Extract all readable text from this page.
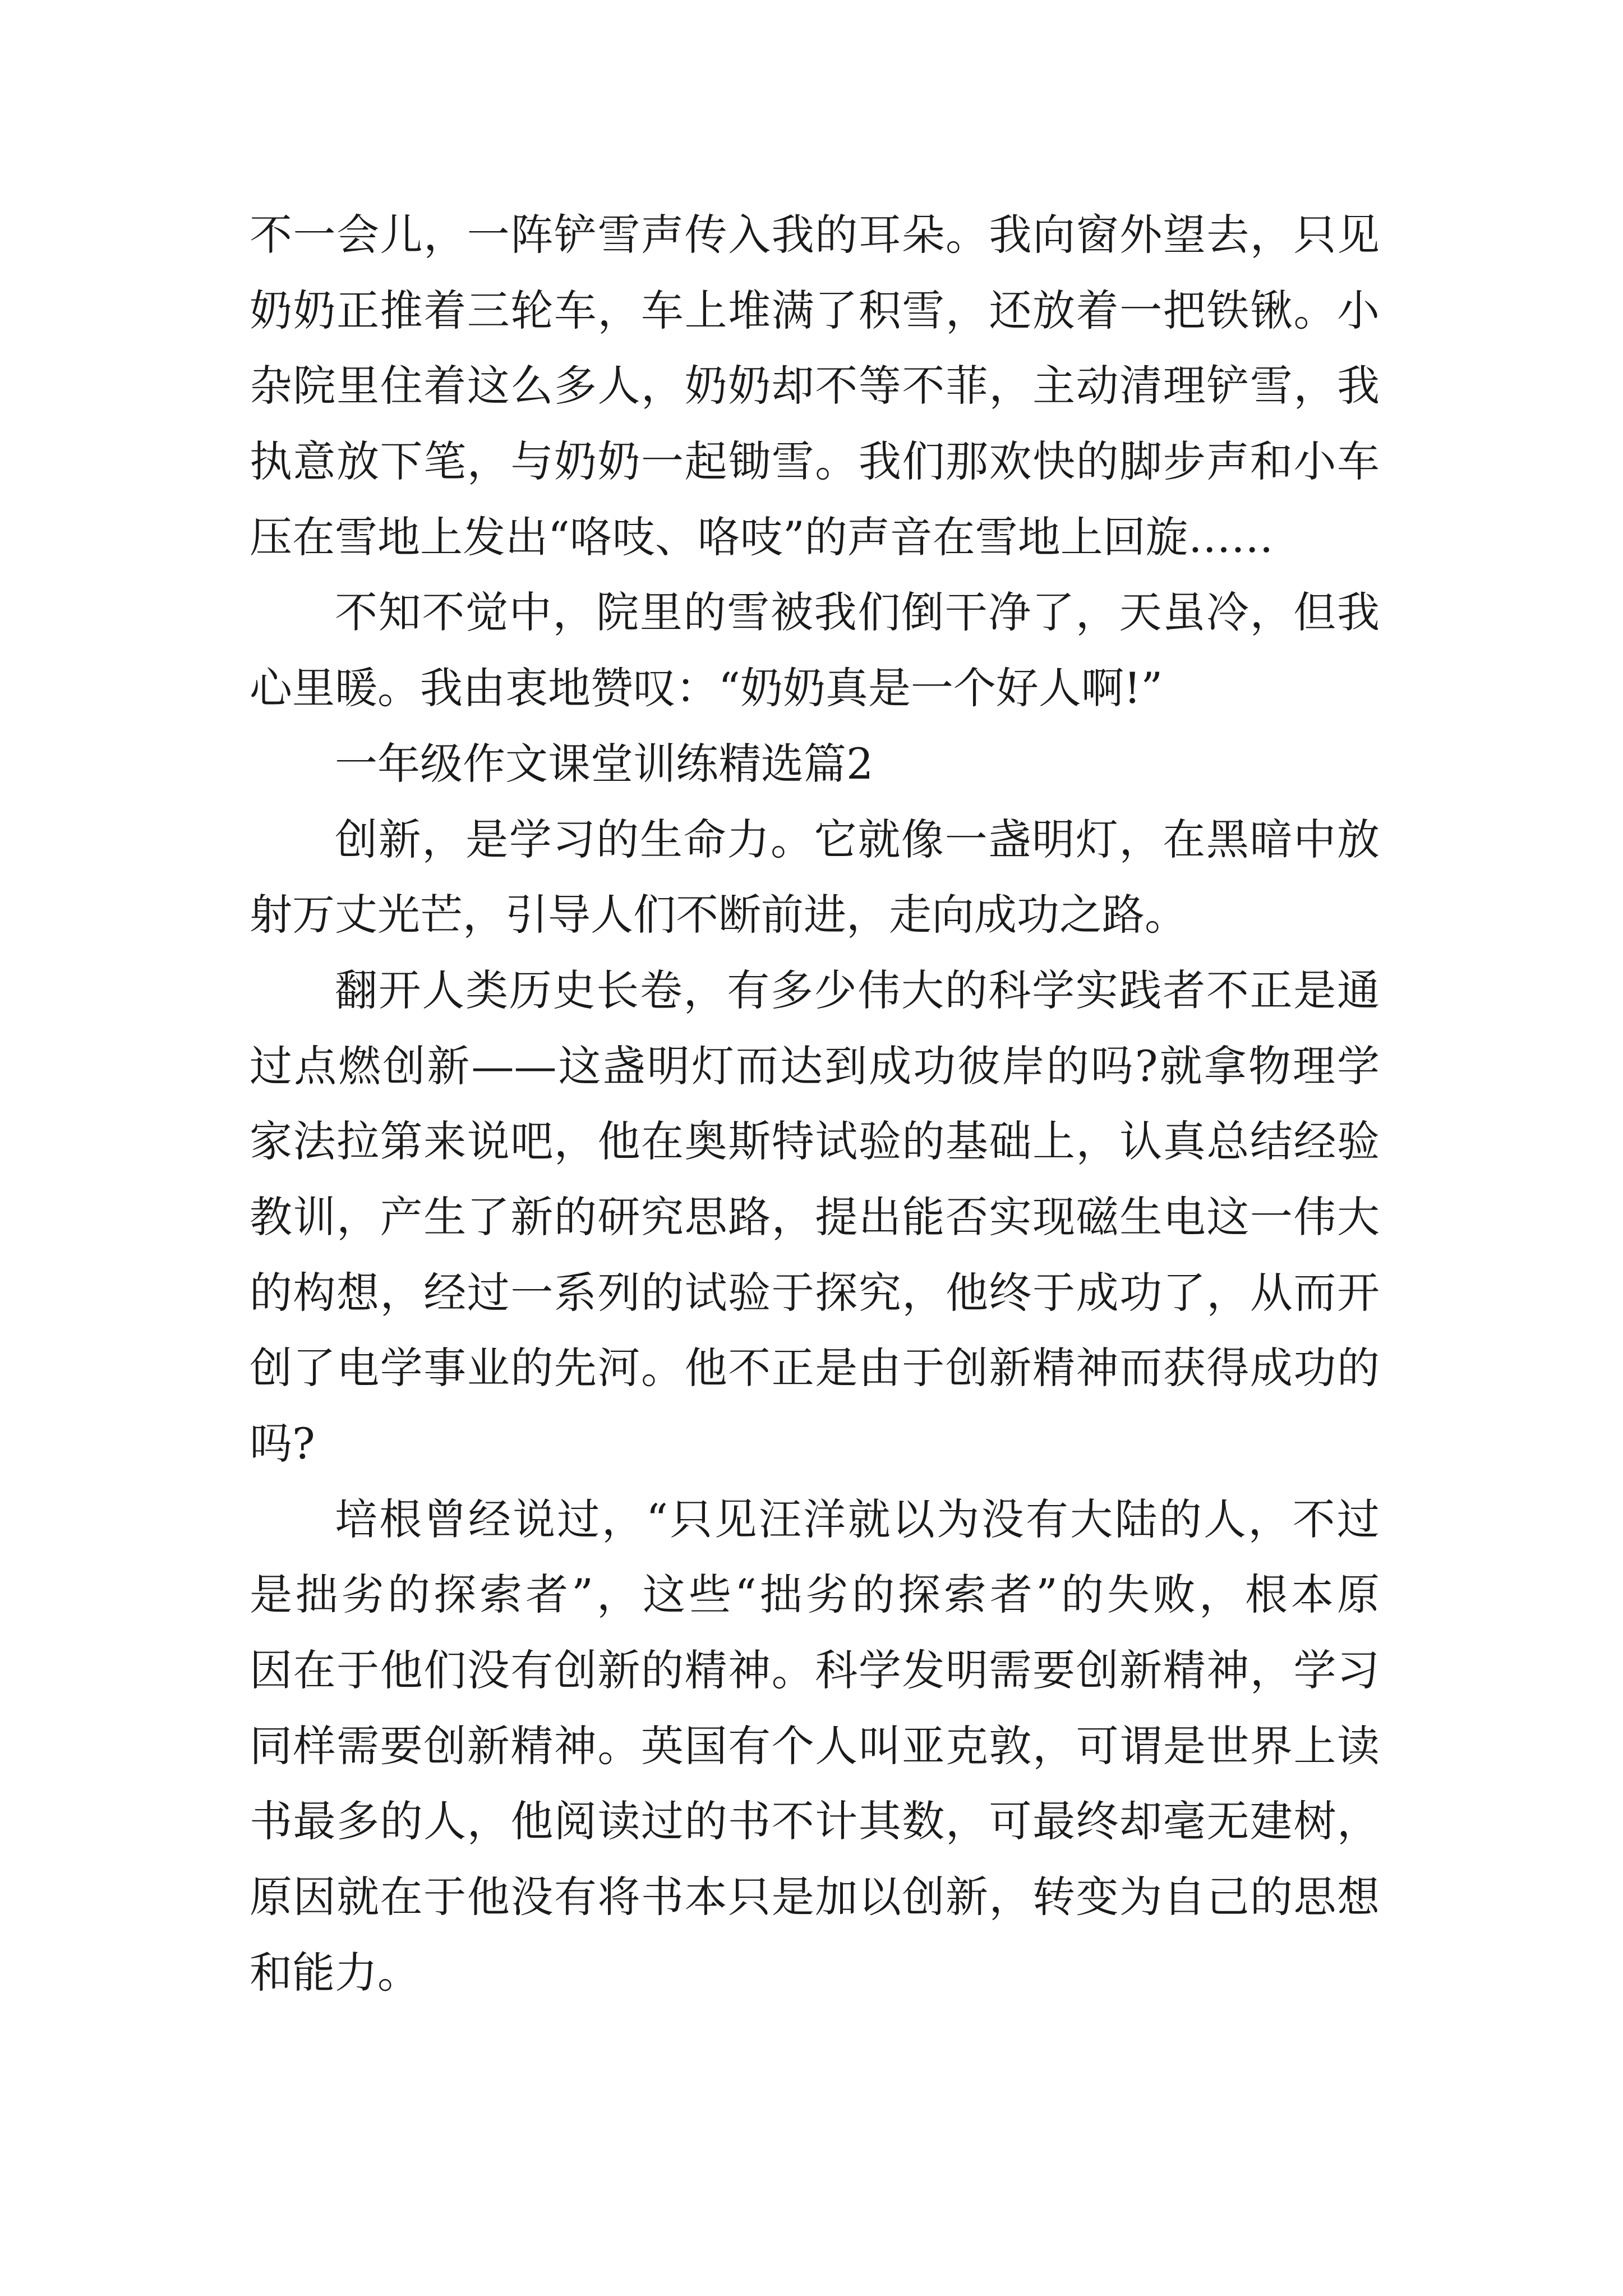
不一会儿，一阵铲雪声传入我的耳朵。我向窗外望去，只见
奶奶正推着三轮车，车上堆满了积雪，还放着一把铁锹。小
杂院里住着这么多人，奶奶却不等不菲，主动清理铲雪，我
执意放下笔，与奶奶一起锄雪。我们那欢快的脚步声和小车
压在雪地上发出“咯吱、咯吱”的声音在雪地上回旋……
不知不觉中，院里的雪被我们倒干净了，天虽冷，但我
心里暖。我由衷地赞叹：“奶奶真是一个好人啊!”
一年级作文课堂训练精选篇2
创新，是学习的生命力。它就像一盏明灯，在黑暗中放
射万丈光芒，引导人们不断前进，走向成功之路。
翻开人类历史长卷，有多少伟大的科学实践者不正是通
过点燃创新——这盏明灯而达到成功彼岸的吗?就拿物理学
家法拉第来说吧，他在奥斯特试验的基础上，认真总结经验
教训，产生了新的研究思路，提出能否实现磁生电这一伟大
的构想，经过一系列的试验于探究，他终于成功了，从而开
创了电学事业的先河。他不正是由于创新精神而获得成功的
吗?
培根曾经说过，“只见汪洋就以为没有大陆的人，不过
是拙劣的探索者”，这些“拙劣的探索者”的失败，根本原
因在于他们没有创新的精神。科学发明需要创新精神，学习
同样需要创新精神。英国有个人叫亚克敦，可谓是世界上读
书最多的人，他阅读过的书不计其数，可最终却毫无建树，
原因就在于他没有将书本只是加以创新，转变为自己的思想
和能力。
